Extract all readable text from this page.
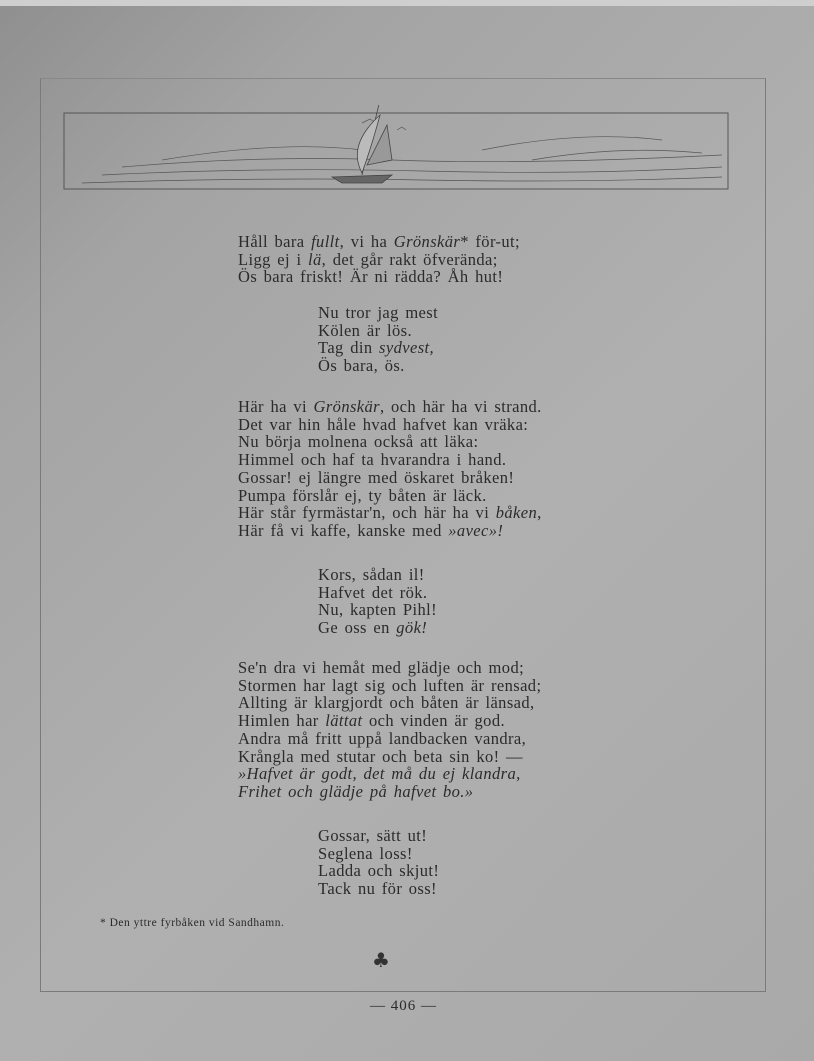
Håll bara fullt, vi ha Grönskär* för-ut;
Ligg ej i lä, det går rakt öfverända;
Ös bara friskt! Är ni rädda? Åh hut!
Nu tror jag mest
Kölen är lös.
Tag din sydvest,
Ös bara, ös.
Här ha vi Grönskär, och här ha vi strand.
Det var hin håle hvad hafvet kan vräka:
Nu börja molnena också att läka:
Himmel och haf ta hvarandra i hand.
Gossar! ej längre med öskaret bråken!
Pumpa förslår ej, ty båten är läck.
Här står fyrmästar'n, och här ha vi båken,
Här få vi kaffe, kanske med »avec»!
Kors, sådan il!
Hafvet det rök.
Nu, kapten Pihl!
Ge oss en gök!
Se'n dra vi hemåt med glädje och mod;
Stormen har lagt sig och luften är rensad;
Allting är klargjordt och båten är länsad,
Himlen har lättat och vinden är god.
Andra må fritt uppå landbacken vandra,
Krångla med stutar och beta sin ko! —
»Hafvet är godt, det må du ej klandra,
Frihet och glädje på hafvet bo.»
Gossar, sätt ut!
Seglena loss!
Ladda och skjut!
Tack nu för oss!
* Den yttre fyrbåken vid Sandhamn.
♣
— 406 —
